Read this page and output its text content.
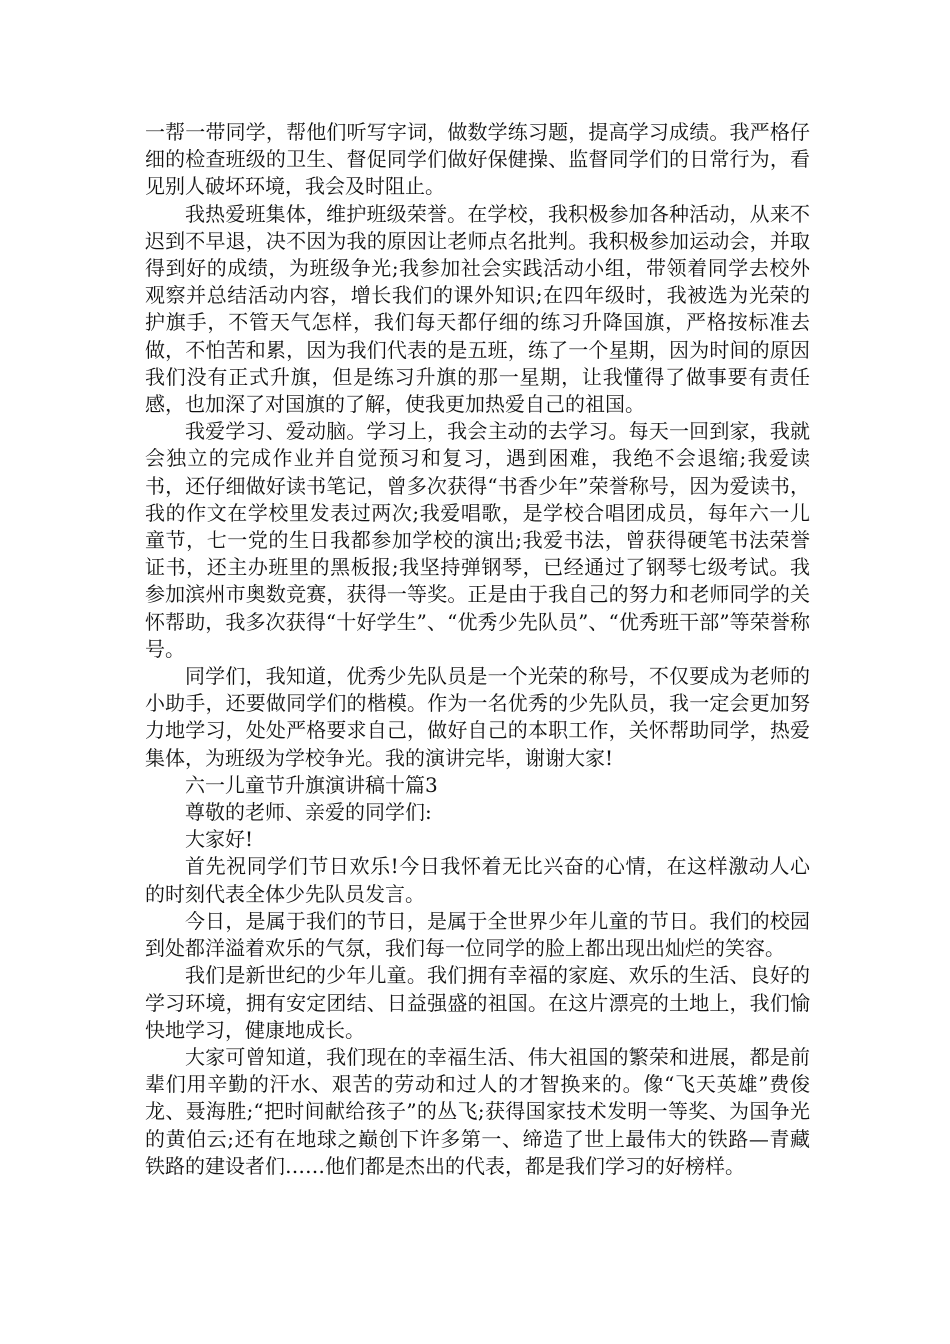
一帮一带同学，帮他们听写字词，做数学练习题，提高学习成绩。我严格仔细的检查班级的卫生、督促同学们做好保健操、监督同学们的日常行为，看见别人破坏环境，我会及时阻止。

我热爱班集体，维护班级荣誉。在学校，我积极参加各种活动，从来不迟到不早退，决不因为我的原因让老师点名批判。我积极参加运动会，并取得到好的成绩，为班级争光;我参加社会实践活动小组，带领着同学去校外观察并总结活动内容，增长我们的课外知识;在四年级时，我被选为光荣的护旗手，不管天气怎样，我们每天都仔细的练习升降国旗，严格按标准去做，不怕苦和累，因为我们代表的是五班，练了一个星期，因为时间的原因我们没有正式升旗，但是练习升旗的那一星期，让我懂得了做事要有责任感，也加深了对国旗的了解，使我更加热爱自己的祖国。

我爱学习、爱动脑。学习上，我会主动的去学习。每天一回到家，我就会独立的完成作业并自觉预习和复习，遇到困难，我绝不会退缩;我爱读书，还仔细做好读书笔记，曾多次获得“书香少年”荣誉称号，因为爱读书，我的作文在学校里发表过两次;我爱唱歌，是学校合唱团成员，每年六一儿童节，七一党的生日我都参加学校的演出;我爱书法，曾获得硬笔书法荣誉证书，还主办班里的黑板报;我坚持弹钢琴，已经通过了钢琴七级考试。我参加滨州市奥数竞赛，获得一等奖。正是由于我自己的努力和老师同学的关怀帮助，我多次获得“十好学生”、“优秀少先队员”、“优秀班干部”等荣誉称号。

同学们，我知道，优秀少先队员是一个光荣的称号，不仅要成为老师的小助手，还要做同学们的楷模。作为一名优秀的少先队员，我一定会更加努力地学习，处处严格要求自己，做好自己的本职工作，关怀帮助同学，热爱集体，为班级为学校争光。我的演讲完毕，谢谢大家!

六一儿童节升旗演讲稿十篇3

尊敬的老师、亲爱的同学们:

大家好!

首先祝同学们节日欢乐!今日我怀着无比兴奋的心情，在这样激动人心的时刻代表全体少先队员发言。

今日，是属于我们的节日，是属于全世界少年儿童的节日。我们的校园到处都洋溢着欢乐的气氛，我们每一位同学的脸上都出现出灿烂的笑容。

我们是新世纪的少年儿童。我们拥有幸福的家庭、欢乐的生活、良好的学习环境，拥有安定团结、日益强盛的祖国。在这片漂亮的土地上，我们愉快地学习，健康地成长。

大家可曾知道，我们现在的幸福生活、伟大祖国的繁荣和进展，都是前辈们用辛勤的汗水、艰苦的劳动和过人的才智换来的。像“飞天英雄”费俊龙、聂海胜;“把时间献给孩子”的丛飞;获得国家技术发明一等奖、为国争光的黄伯云;还有在地球之巅创下许多第一、缔造了世上最伟大的铁路—青藏铁路的建设者们……他们都是杰出的代表，都是我们学习的好榜样。
